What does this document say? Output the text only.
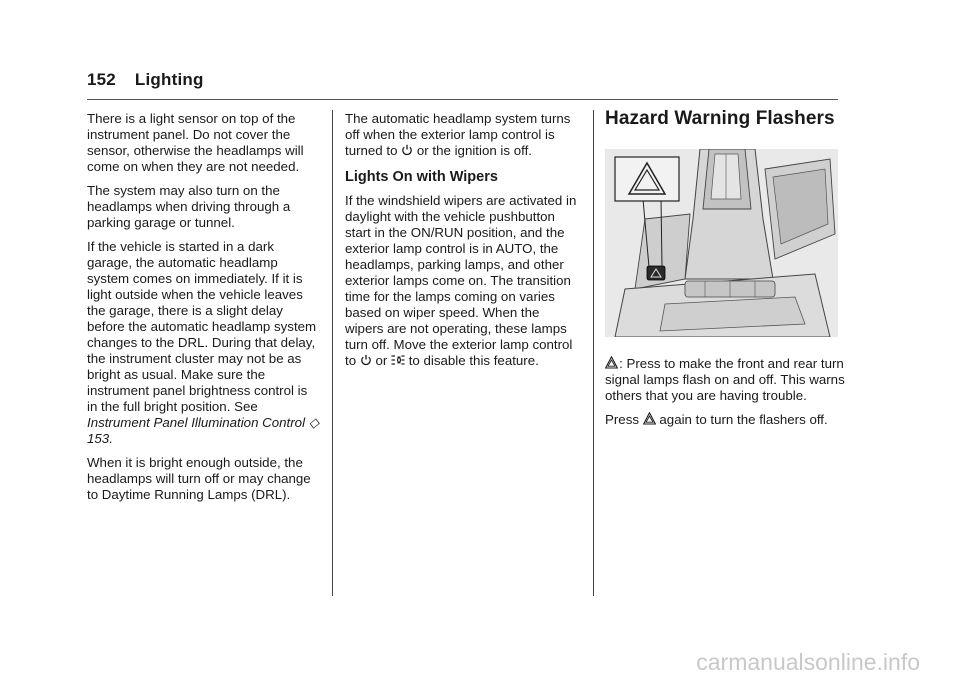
152 Lighting

There is a light sensor on top of the instrument panel. Do not cover the sensor, otherwise the headlamps will come on when they are not needed.

The system may also turn on the headlamps when driving through a parking garage or tunnel.

If the vehicle is started in a dark garage, the automatic headlamp system comes on immediately. If it is light outside when the vehicle leaves the garage, there is a slight delay before the automatic headlamp system changes to the DRL. During that delay, the instrument cluster may not be as bright as usual. Make sure the instrument panel brightness control is in the full bright position. See Instrument Panel Illumination Control ◇ 153.

When it is bright enough outside, the headlamps will turn off or may change to Daytime Running Lamps (DRL).

The automatic headlamp system turns off when the exterior lamp control is turned to or the ignition is off.

Lights On with Wipers

If the windshield wipers are activated in daylight with the vehicle pushbutton start in the ON/RUN position, and the exterior lamp control is in AUTO, the headlamps, parking lamps, and other exterior lamps come on. The transition time for the lamps coming on varies based on wiper speed. When the wipers are not operating, these lamps turn off. Move the exterior lamp control to or to disable this feature.

Hazard Warning Flashers

 : Press to make the front and rear turn signal lamps flash on and off. This warns others that you are having trouble.

Press again to turn the flashers off.

carmanualsonline.info
